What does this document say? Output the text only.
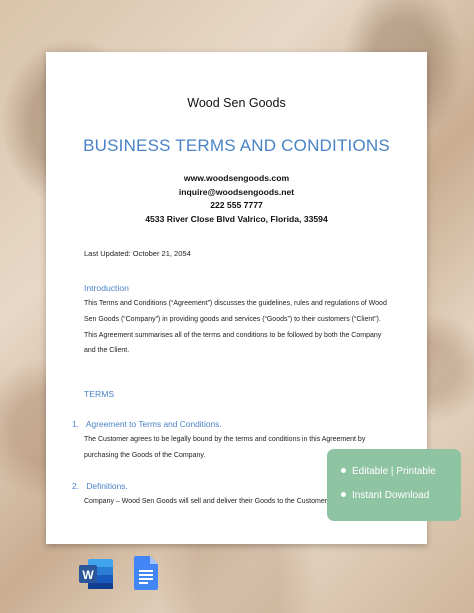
Wood Sen Goods
BUSINESS TERMS AND CONDITIONS
www.woodsengoods.com
inquire@woodsengoods.net
222 555 7777
4533 River Close Blvd Valrico, Florida, 33594
Last Updated: October 21, 2054
Introduction
This Terms and Conditions (“Agreement”) discusses the guidelines, rules and regulations of Wood
Sen Goods (“Company”) in providing goods and services (“Goods”) to their customers (“Client”).
This Agreement summarises all of the terms and conditions to be followed by both the Company
and the Client.
TERMS
1. Agreement to Terms and Conditions.
The Customer agrees to be legally bound by the terms and conditions in this Agreement by
purchasing the Goods of the Company.
2. Definitions.
Company – Wood Sen Goods will sell and deliver their Goods to the Customer
Editable | Printable
Instant Download
W
